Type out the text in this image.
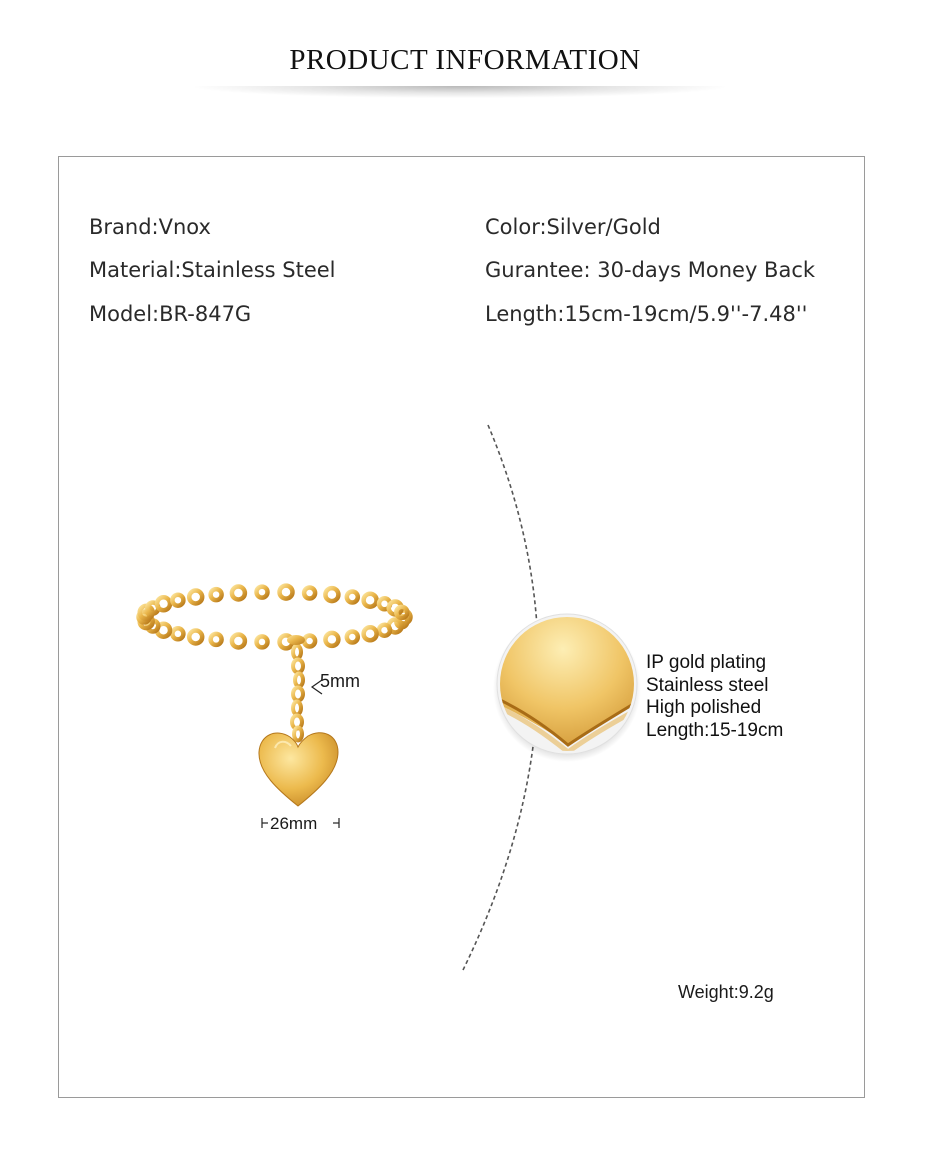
PRODUCT INFORMATION
Brand:Vnox
Material:Stainless Steel
Model:BR-847G
Color:Silver/Gold
Gurantee: 30-days Money Back
Length:15cm-19cm/5.9''-7.48''
5mm
26mm
IP gold plating
Stainless steel
High polished
Length:15-19cm
Weight:9.2g
